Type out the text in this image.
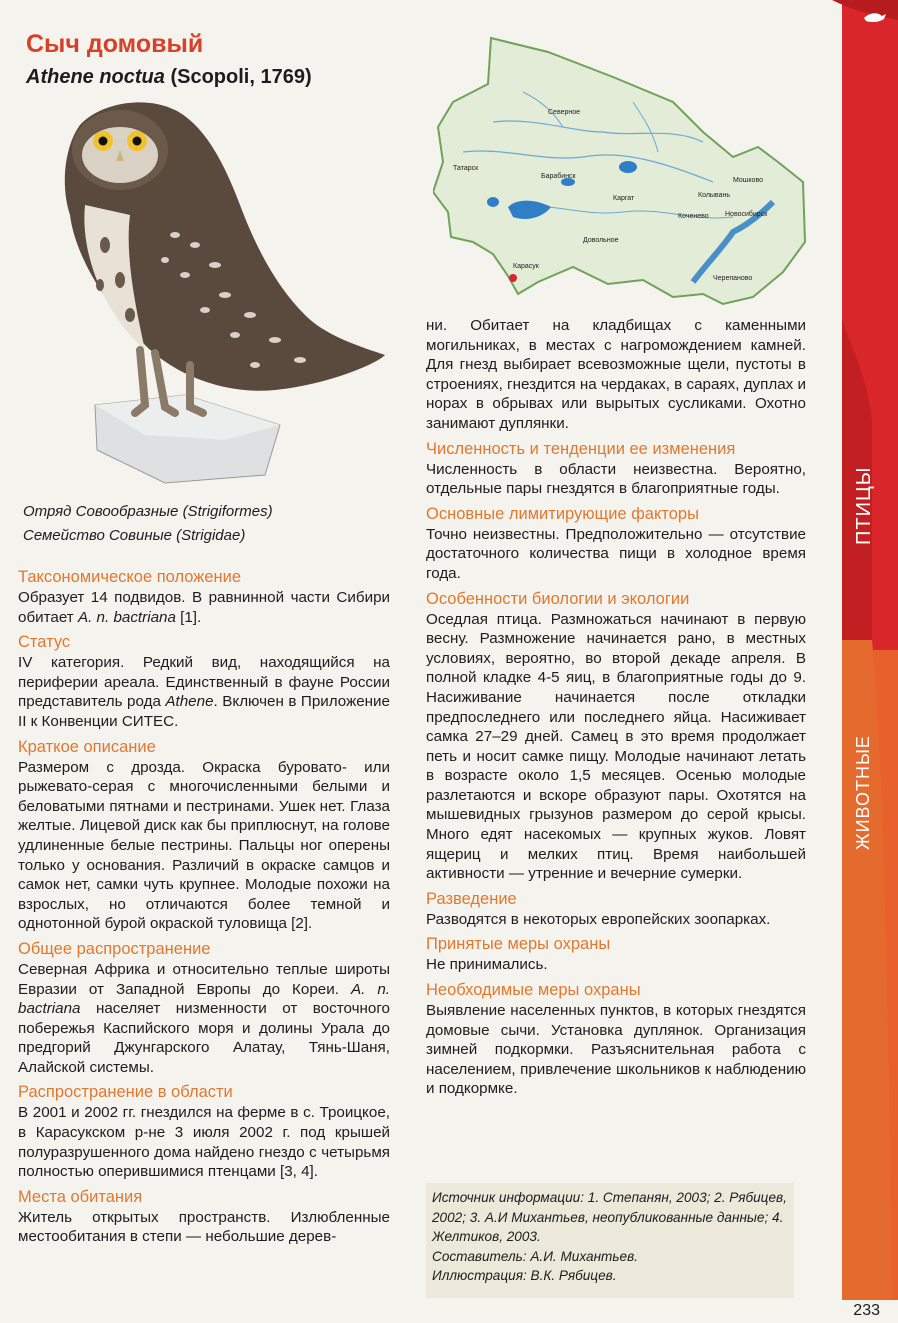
Сыч домовый

Athene noctua (Scopoli, 1769)

Северное
Татарск
Барабинск
Каргат	Колывань
Мошково
Кочeнево Новосибирск
Довольное
Карасук
Черепаново
Отряд Совообразные (Strigiformes)
Семейство Совиные (Strigidae)
Таксономическое положение

Образует 14 подвидов. В равнинной части Сибири обитает A. n. bactriana [1].

Статус

IV категория. Редкий вид, находящийся на периферии ареала. Единственный в фауне России представитель рода Athene. Включен в Приложение II к Конвенции СИТЕС.

Краткое описание

Размером с дрозда. Окраска буровато- или рыжевато-серая с многочисленными белыми и беловатыми пятнами и пестринами. Ушек нет. Глаза желтые. Лицевой диск как бы приплюснут, на голове удлиненные белые пестрины. Пальцы ног оперены только у основания. Различий в окраске самцов и самок нет, самки чуть крупнее. Молодые похожи на взрослых, но отличаются более темной и однотонной бурой окраской туловища [2].

Общее распространение

Северная Африка и относительно теплые широты Евразии от Западной Европы до Кореи. A. n. bactriana населяет низменности от восточного побережья Каспийского моря и долины Урала до предгорий Джунгарского Алатау, Тянь-Шаня, Алайской системы.

Распространение в области

В 2001 и 2002 гг. гнездился на ферме в с. Троицкое, в Карасукском р-не 3 июля 2002 г. под крышей полуразрушенного дома найдено гнездо с четырьмя полностью оперившимися птенцами [3, 4].

Места обитания

Житель открытых пространств. Излюбленные местообитания в степи — небольшие дерев-

ни. Обитает на кладбищах с каменными могильниках, в местах с нагромождением камней. Для гнезд выбирает всевозможные щели, пустоты в строениях, гнездится на чердаках, в сараях, дуплах и норах в обрывах или вырытых сусликами. Охотно занимают дуплянки.

Численность и тенденции ее изменения

Численность в области неизвестна. Вероятно, отдельные пары гнездятся в благоприятные годы.

Основные лимитирующие факторы

Точно неизвестны. Предположительно — отсутствие достаточного количества пищи в холодное время года.

Особенности биологии и экологии

Оседлая птица. Размножаться начинают в первую весну. Размножение начинается рано, в местных условиях, вероятно, во второй декаде апреля. В полной кладке 4-5 яиц, в благоприятные годы до 9. Насиживание начинается после откладки предпоследнего или последнего яйца. Насиживает самка 27–29 дней. Самец в это время продолжает петь и носит самке пищу. Молодые начинают летать в возрасте около 1,5 месяцев. Осенью молодые разлетаются и вскоре образуют пары. Охотятся на мышевидных грызунов размером до серой крысы. Много едят насекомых — крупных жуков. Ловят ящериц и мелких птиц. Время наибольшей активности — утренние и вечерние сумерки.

Разведение

Разводятся в некоторых европейских зоопарках.

Принятые меры охраны

Не принимались.

Необходимые меры охраны

Выявление населенных пунктов, в которых гнездятся домовые сычи. Установка дуплянок. Организация зимней подкормки. Разъяснительная работа с населением, привлечение школьников к наблюдению и подкормке.

Источник информации: 1. Степанян, 2003; 2. Рябицев, 2002; 3. А.И Михантьев, неопубликованные данные; 4. Желтиков, 2003.
Составитель: А.И. Михантьев.
Иллюстрация: В.К. Рябицев.
ПТИЦЫ
ЖИВОТНЫЕ
233
